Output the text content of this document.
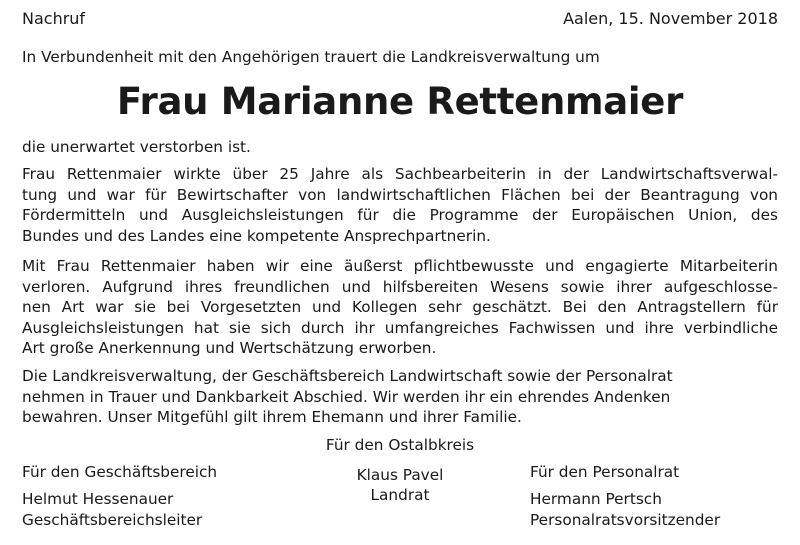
Nachruf	Aalen, 15. November 2018
In Verbundenheit mit den Angehörigen trauert die Landkreisverwaltung um
Frau Marianne Rettenmaier
die unerwartet verstorben ist.
Frau Rettenmaier wirkte über 25 Jahre als Sachbearbeiterin in der Landwirtschaftsverwal-
tung und war für Bewirtschafter von landwirtschaftlichen Flächen bei der Beantragung von
Fördermitteln und Ausgleichsleistungen für die Programme der Europäischen Union, des
Bundes und des Landes eine kompetente Ansprechpartnerin.
Mit Frau Rettenmaier haben wir eine äußerst pflichtbewusste und engagierte Mitarbeiterin
verloren. Aufgrund ihres freundlichen und hilfsbereiten Wesens sowie ihrer aufgeschlosse-
nen Art war sie bei Vorgesetzten und Kollegen sehr geschätzt. Bei den Antragstellern für
Ausgleichsleistungen hat sie sich durch ihr umfangreiches Fachwissen und ihre verbindliche
Art große Anerkennung und Wertschätzung erworben.
Die Landkreisverwaltung, der Geschäftsbereich Landwirtschaft sowie der Personalrat
nehmen in Trauer und Dankbarkeit Abschied. Wir werden ihr ein ehrendes Andenken
bewahren. Unser Mitgefühl gilt ihrem Ehemann und ihrer Familie.
Für den Ostalbkreis
Für den Geschäftsbereich
Helmut Hessenauer
Geschäftsbereichsleiter
Klaus Pavel
Landrat
Für den Personalrat
Hermann Pertsch
Personalratsvorsitzender
